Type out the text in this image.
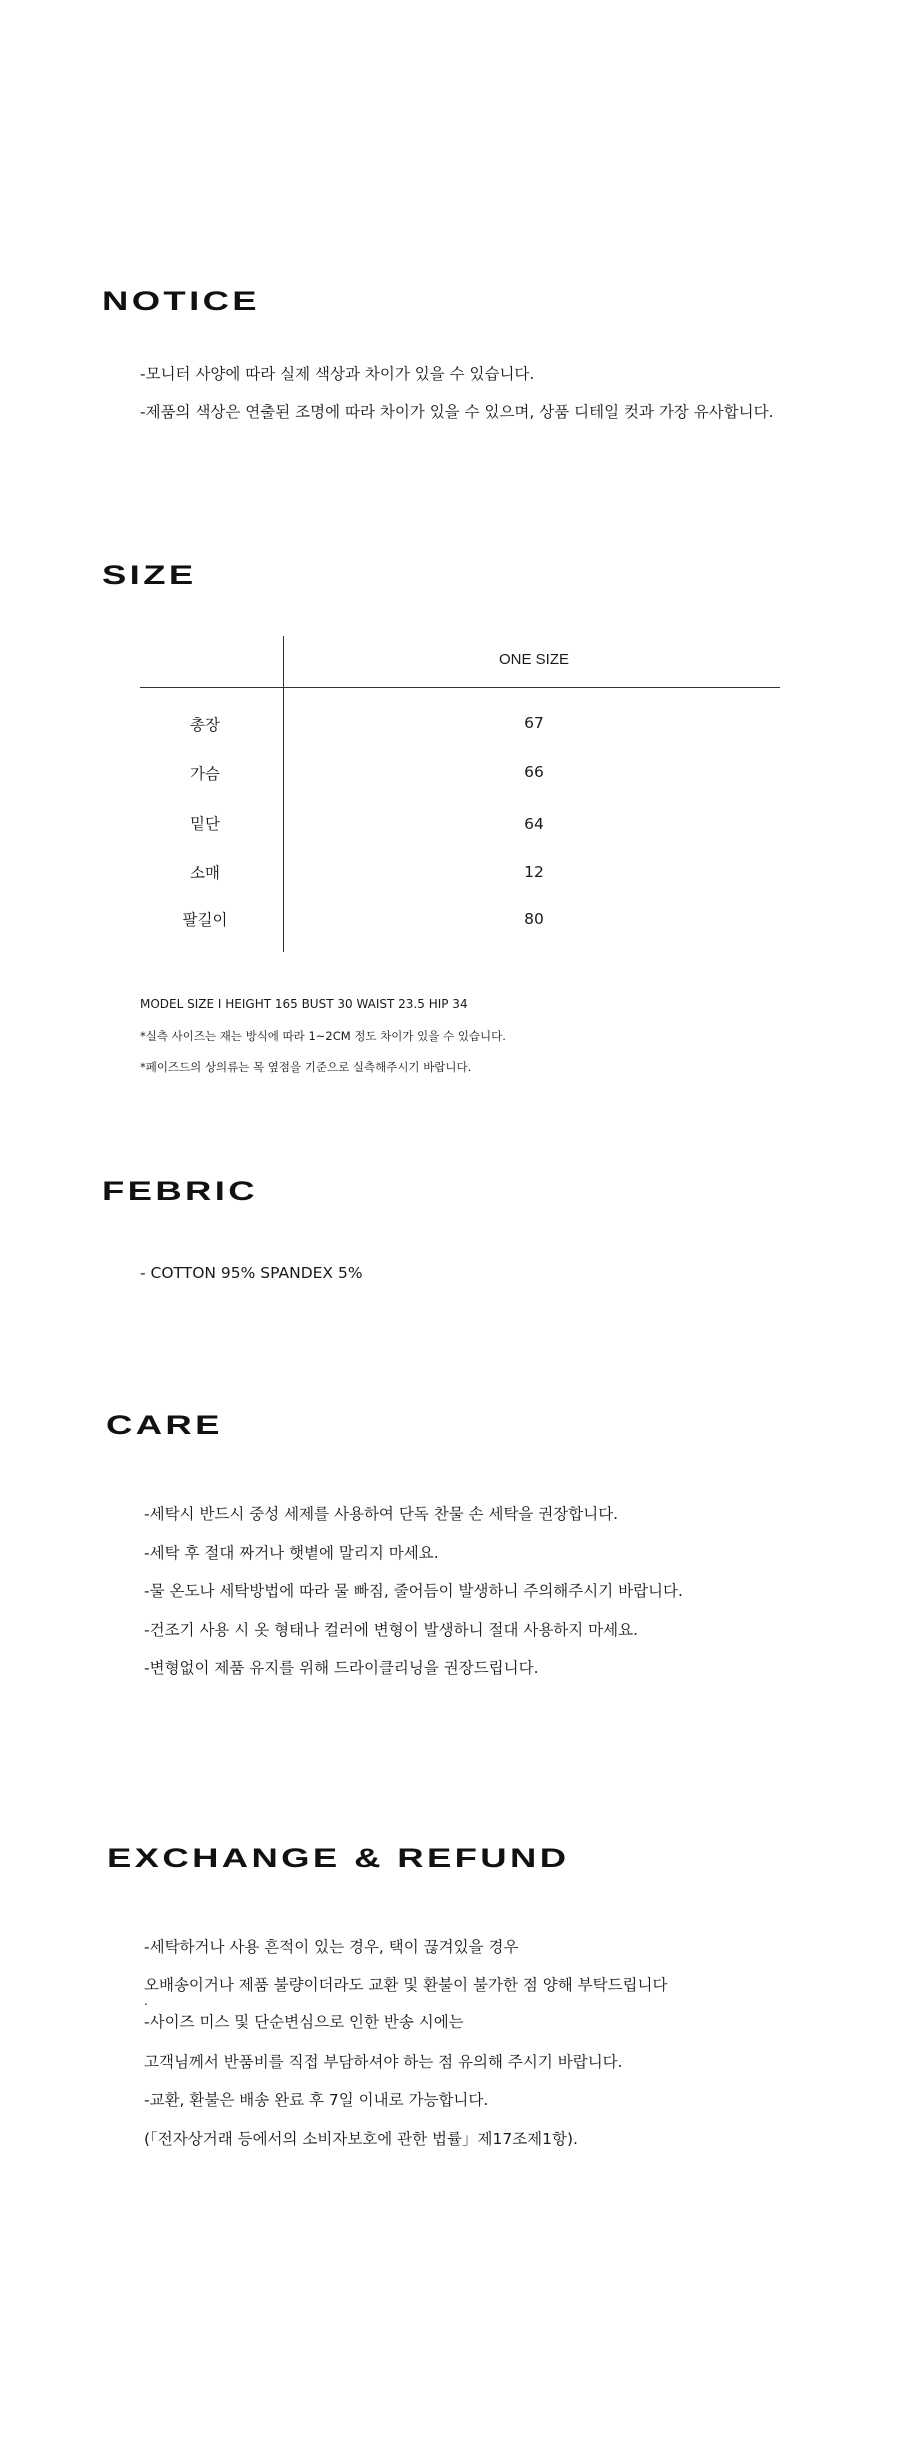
NOTICE
-모니터 사양에 따라 실제 색상과 차이가 있을 수 있습니다.
-제품의 색상은 연출된 조명에 따라 차이가 있을 수 있으며, 상품 디테일 컷과 가장 유사합니다.
SIZE
ONE SIZE
총장	67
가슴	66
밑단	64
소매	12
팔길이	80
MODEL SIZE I HEIGHT 165 BUST 30 WAIST 23.5 HIP 34
*실측 사이즈는 재는 방식에 따라 1~2CM 정도 차이가 있을 수 있습니다.
*페이즈드의 상의류는 목 옆점을 기준으로 실측해주시기 바랍니다.
FEBRIC
- COTTON 95% SPANDEX 5%
CARE
-세탁시 반드시 중성 세제를 사용하여 단독 찬물 손 세탁을 권장합니다.
-세탁 후 절대 짜거나 햇볕에 말리지 마세요.
-물 온도나 세탁방법에 따라 물 빠짐, 줄어듬이 발생하니 주의해주시기 바랍니다.
-건조기 사용 시 옷 형태나 컬러에 변형이 발생하니 절대 사용하지 마세요.
-변형없이 제품 유지를 위해 드라이클리닝을 권장드립니다.
EXCHANGE & REFUND
-세탁하거나 사용 흔적이 있는 경우, 택이 끊겨있을 경우
오배송이거나 제품 불량이더라도 교환 및 환불이 불가한 점 양해 부탁드립니다
.
-사이즈 미스 및 단순변심으로 인한 반송 시에는
고객님께서 반품비를 직접 부담하셔야 하는 점 유의해 주시기 바랍니다.
-교환, 환불은 배송 완료 후 7일 이내로 가능합니다.
(「전자상거래 등에서의 소비자보호에 관한 법률」제17조제1항).
